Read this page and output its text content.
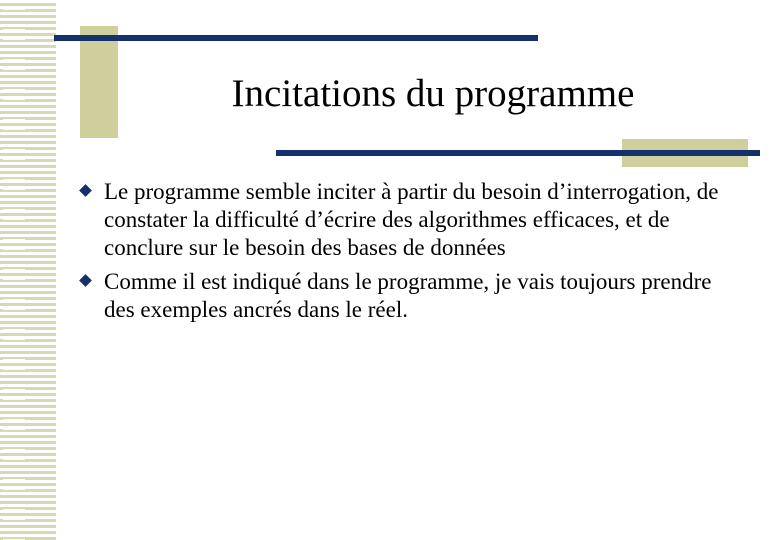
Incitations du programme
Le programme semble inciter à partir du besoin d’interrogation, de constater la difficulté d’écrire des algorithmes efficaces, et de conclure sur le besoin des bases de données
Comme il est indiqué dans le programme, je vais toujours prendre des exemples ancrés dans le réel.
